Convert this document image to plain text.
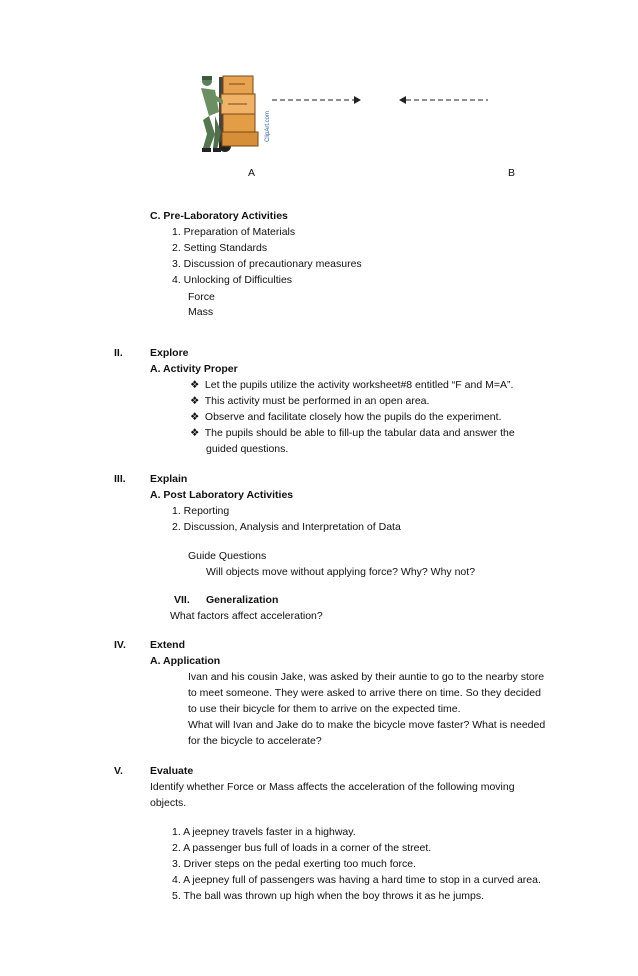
ClipArt.com
A	B
C. Pre-Laboratory Activities
1. Preparation of Materials
2. Setting Standards
3. Discussion of precautionary measures
4. Unlocking of Difficulties
Force
Mass
II.	Explore
A. Activity Proper
❖ Let the pupils utilize the activity worksheet#8 entitled “F and M=A”.
❖ This activity must be performed in an open area.
❖ Observe and facilitate closely how the pupils do the experiment.
❖ The pupils should be able to fill-up the tabular data and answer the
guided questions.
III. Explain
A. Post Laboratory Activities
1. Reporting
2. Discussion, Analysis and Interpretation of Data
Guide Questions
Will objects move without applying force? Why? Why not?
VII. Generalization
What factors affect acceleration?
IV. Extend
A. Application
Ivan and his cousin Jake, was asked by their auntie to go to the nearby store
to meet someone. They were asked to arrive there on time. So they decided
to use their bicycle for them to arrive on the expected time.
What will Ivan and Jake do to make the bicycle move faster? What is needed
for the bicycle to accelerate?
V.	Evaluate
Identify whether Force or Mass affects the acceleration of the following moving
objects.
1. A jeepney travels faster in a highway.
2. A passenger bus full of loads in a corner of the street.
3. Driver steps on the pedal exerting too much force.
4. A jeepney full of passengers was having a hard time to stop in a curved area.
5. The ball was thrown up high when the boy throws it as he jumps.
